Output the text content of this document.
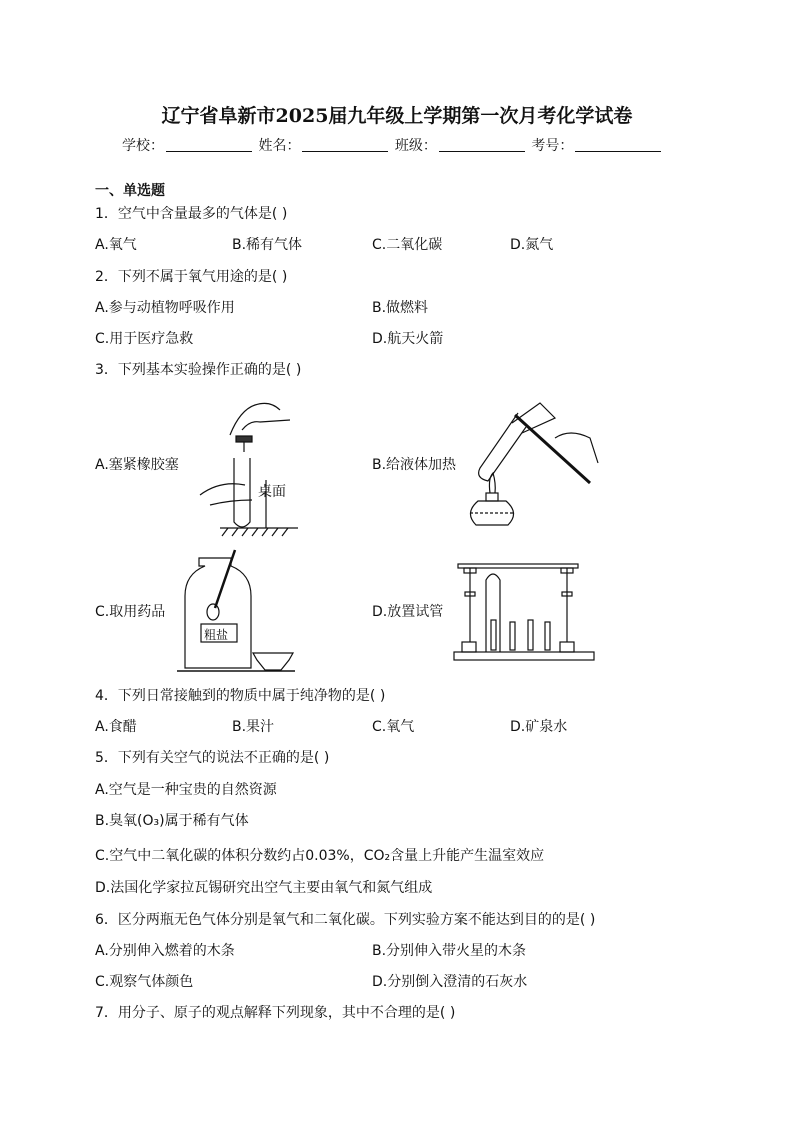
辽宁省阜新市2025届九年级上学期第一次月考化学试卷
学校：	姓名：	班级：	考号：
一、单选题
1．空气中含量最多的气体是( )
A.氧气	B.稀有气体	C.二氧化碳	D.氮气
2．下列不属于氧气用途的是( )
A.参与动植物呼吸作用	B.做燃料
C.用于医疗急救	D.航天火箭
3．下列基本实验操作正确的是( )
A.塞紧橡胶塞	B.给液体加热
C.取用药品	D.放置试管
桌面
粗盐
4．下列日常接触到的物质中属于纯净物的是( )
A.食醋	B.果汁	C.氧气	D.矿泉水
5．下列有关空气的说法不正确的是( )
A.空气是一种宝贵的自然资源
B.臭氧(O₃)属于稀有气体
C.空气中二氧化碳的体积分数约占0.03%，CO₂含量上升能产生温室效应
D.法国化学家拉瓦锡研究出空气主要由氧气和氮气组成
6．区分两瓶无色气体分别是氧气和二氧化碳。下列实验方案不能达到目的的是( )
A.分别伸入燃着的木条	B.分别伸入带火星的木条
C.观察气体颜色	D.分别倒入澄清的石灰水
7．用分子、原子的观点解释下列现象，其中不合理的是( )
